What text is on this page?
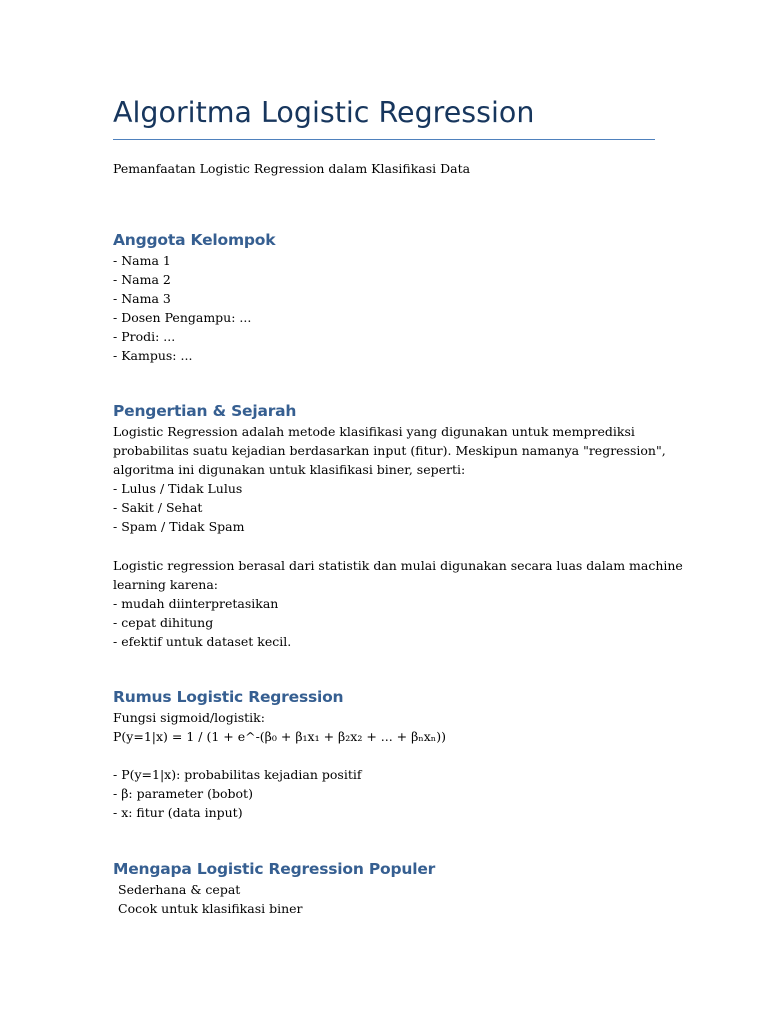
Algoritma Logistic Regression

Pemanfaatan Logistic Regression dalam Klasifikasi Data

Anggota Kelompok
- Nama 1
- Nama 2
- Nama 3
- Dosen Pengampu: ...
- Prodi: ...
- Kampus: ...
Pengertian & Sejarah
Logistic Regression adalah metode klasifikasi yang digunakan untuk memprediksi
probabilitas suatu kejadian berdasarkan input (fitur). Meskipun namanya "regression",
algoritma ini digunakan untuk klasifikasi biner, seperti:
- Lulus / Tidak Lulus
- Sakit / Sehat
- Spam / Tidak Spam
Logistic regression berasal dari statistik dan mulai digunakan secara luas dalam machine
learning karena:
- mudah diinterpretasikan
- cepat dihitung
- efektif untuk dataset kecil.
Rumus Logistic Regression
Fungsi sigmoid/logistik:
P(y=1|x) = 1 / (1 + e^-(β₀ + β₁x₁ + β₂x₂ + ... + βₙxₙ))
- P(y=1|x): probabilitas kejadian positif
- β: parameter (bobot)
- x: fitur (data input)
Mengapa Logistic Regression Populer
Sederhana & cepat
Cocok untuk klasifikasi biner
